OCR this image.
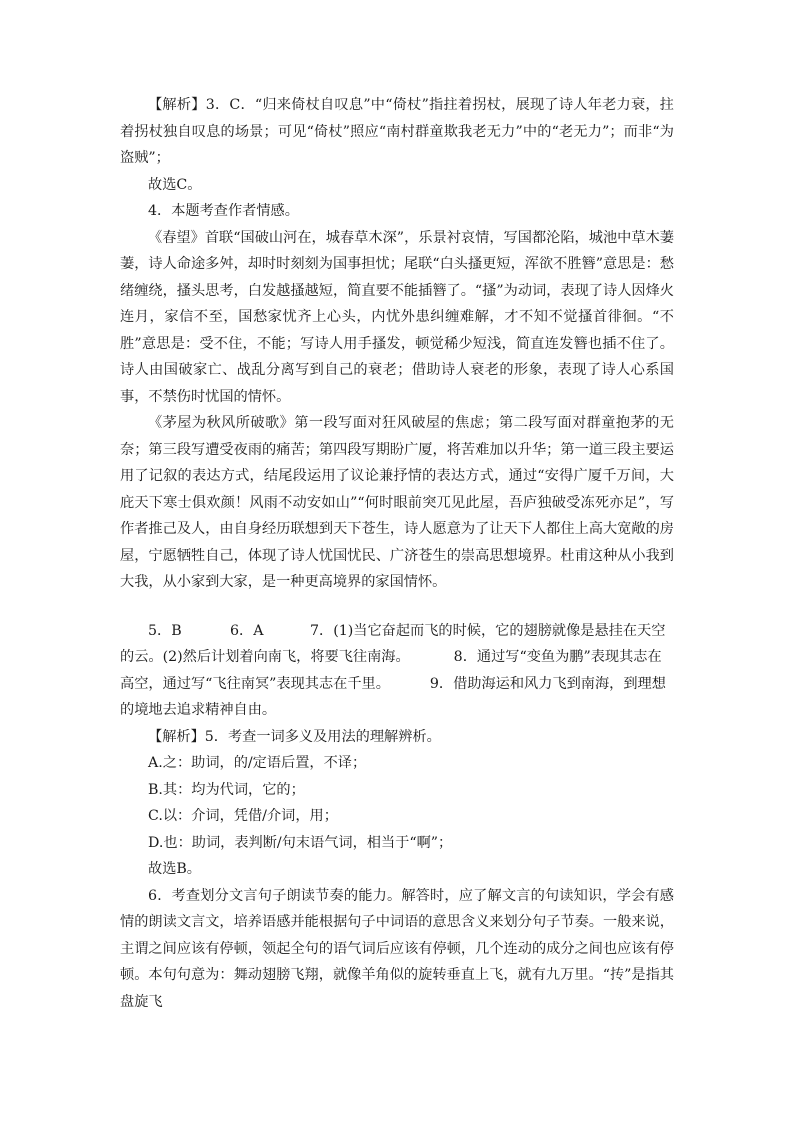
【解析】3．C．“归来倚杖自叹息”中“倚杖”指拄着拐杖，展现了诗人年老力衰，拄着拐杖独自叹息的场景；可见“倚杖”照应“南村群童欺我老无力”中的“老无力”；而非“为盗贼”；

故选C。

4．本题考查作者情感。

《春望》首联“国破山河在，城春草木深”，乐景衬哀情，写国都沦陷，城池中草木萋萋，诗人命途多舛，却时时刻刻为国事担忧；尾联“白头搔更短，浑欲不胜簪”意思是：愁绪缠绕，搔头思考，白发越搔越短，简直要不能插簪了。“搔”为动词，表现了诗人因烽火连月，家信不至，国愁家忧齐上心头，内忧外患纠缠难解，才不知不觉搔首徘徊。“不胜”意思是：受不住，不能；写诗人用手搔发，顿觉稀少短浅，简直连发簪也插不住了。诗人由国破家亡、战乱分离写到自己的衰老；借助诗人衰老的形象，表现了诗人心系国事，不禁伤时忧国的情怀。

《茅屋为秋风所破歌》第一段写面对狂风破屋的焦虑；第二段写面对群童抱茅的无奈；第三段写遭受夜雨的痛苦；第四段写期盼广厦，将苦难加以升华；第一道三段主要运用了记叙的表达方式，结尾段运用了议论兼抒情的表达方式，通过“安得广厦千万间，大庇天下寒士俱欢颜！风雨不动安如山”“何时眼前突兀见此屋，吾庐独破受冻死亦足”，写作者推己及人，由自身经历联想到天下苍生，诗人愿意为了让天下人都住上高大宽敞的房屋，宁愿牺牲自己，体现了诗人忧国忧民、广济苍生的崇高思想境界。杜甫这种从小我到大我，从小家到大家，是一种更高境界的家国情怀。

5．B	6．A	7．(1)当它奋起而飞的时候，它的翅膀就像是悬挂在天空的云。(2)然后计划着向南飞，将要飞往南海。	8．通过写“变鱼为鹏”表现其志在高空，通过写“飞往南冥”表现其志在千里。	9．借助海运和风力飞到南海，到理想的境地去追求精神自由。

【解析】5．考查一词多义及用法的理解辨析。

A.之：助词，的/定语后置，不译；

B.其：均为代词，它的；

C.以：介词，凭借/介词，用；

D.也：助词，表判断/句末语气词，相当于“啊”；

故选B。

6．考查划分文言句子朗读节奏的能力。解答时，应了解文言的句读知识，学会有感情的朗读文言文，培养语感并能根据句子中词语的意思含义来划分句子节奏。一般来说，主谓之间应该有停顿，领起全句的语气词后应该有停顿，几个连动的成分之间也应该有停顿。本句句意为：舞动翅膀飞翔，就像羊角似的旋转垂直上飞，就有九万里。“抟”是指其盘旋飞
